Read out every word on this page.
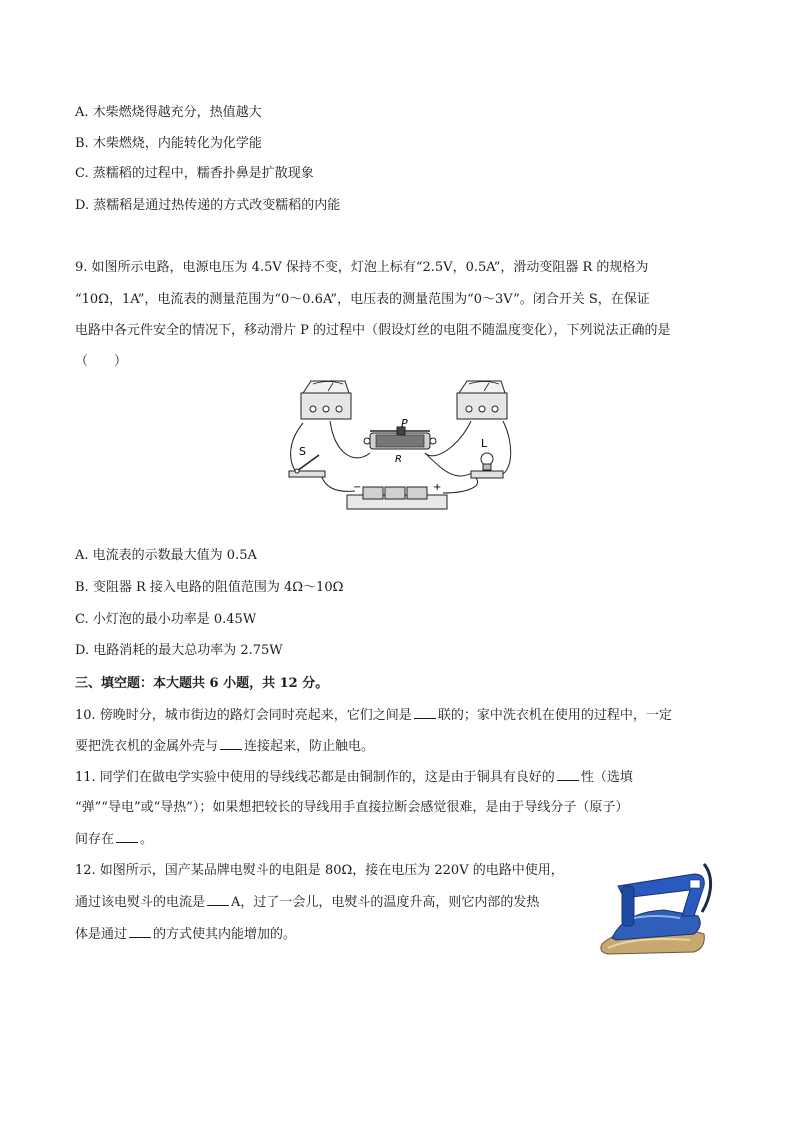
A. 木柴燃烧得越充分，热值越大
B. 木柴燃烧，内能转化为化学能
C. 蒸糯稻的过程中，糯香扑鼻是扩散现象
D. 蒸糯稻是通过热传递的方式改变糯稻的内能
9. 如图所示电路，电源电压为 4.5V 保持不变，灯泡上标有“2.5V，0.5A”，滑动变阻器 R 的规格为
“10Ω，1A”，电流表的测量范围为“0～0.6A”，电压表的测量范围为“0～3V”。闭合开关 S，在保证
电路中各元件安全的情况下，移动滑片 P 的过程中（假设灯丝的电阻不随温度变化），下列说法正确的是
（　　）
P
R
S
L
−	+
A. 电流表的示数最大值为 0.5A
B. 变阻器 R 接入电路的阻值范围为 4Ω～10Ω
C. 小灯泡的最小功率是 0.45W
D. 电路消耗的最大总功率为 2.75W
三、填空题：本大题共 6 小题，共 12 分。
10. 傍晚时分，城市街边的路灯会同时亮起来，它们之间是 联的；家中洗衣机在使用的过程中，一定
要把洗衣机的金属外壳与 连接起来，防止触电。
11. 同学们在做电学实验中使用的导线线芯都是由铜制作的，这是由于铜具有良好的 性（选填
“弹”“导电”或“导热”）；如果想把较长的导线用手直接拉断会感觉很难，是由于导线分子（原子）
间存在 。
12. 如图所示，国产某品牌电熨斗的电阻是 80Ω，接在电压为 220V 的电路中使用，
通过该电熨斗的电流是 A，过了一会儿，电熨斗的温度升高，则它内部的发热
体是通过 的方式使其内能增加的。
